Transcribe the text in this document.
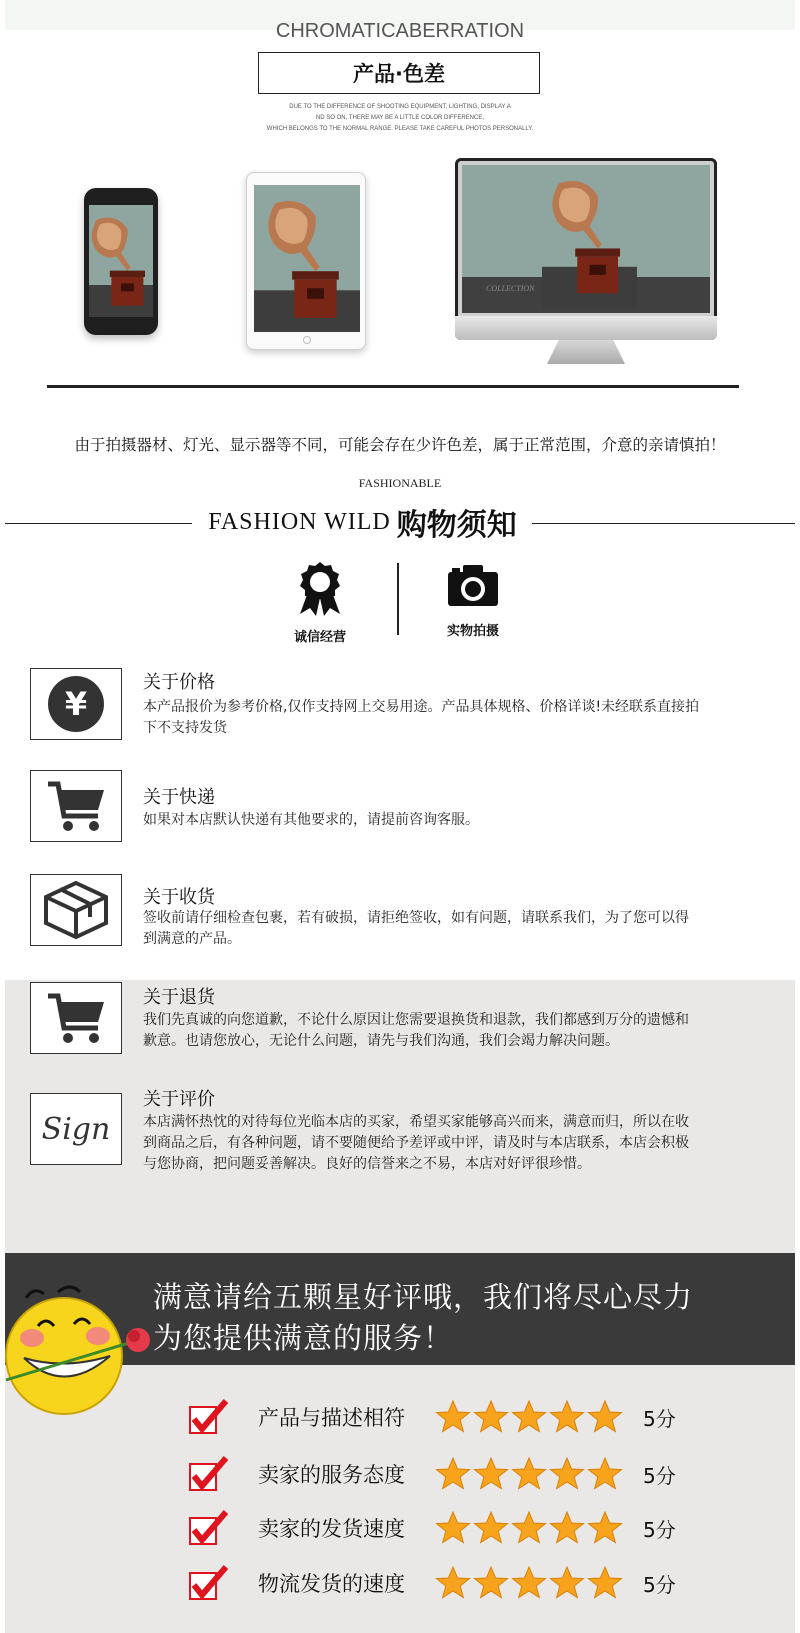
CHROMATICABERRATION
产品·色差
DUE TO THE DIFFERENCE OF SHOOTING EQUIPMENT, LIGHTING, DISPLAY A
ND SO ON, THERE MAY BE A LITTLE COLOR DIFFERENCE,
WHICH BELONGS TO THE NORMAL RANGE. PLEASE TAKE CAREFUL PHOTOS PERSONALLY.
COLLECTION
由于拍摄器材、灯光、显示器等不同，可能会存在少许色差，属于正常范围，介意的亲请慎拍！
FASHIONABLE
FASHION WILD 购物须知
诚信经营	实物拍摄
¥
关于价格
本产品报价为参考价格,仅作支持网上交易用途。产品具体规格、价格详谈!未经联系直接拍
下不支持发货
关于快递
如果对本店默认快递有其他要求的，请提前咨询客服。
关于收货
签收前请仔细检查包裹，若有破损，请拒绝签收，如有问题，请联系我们，为了您可以得
到满意的产品。
关于退货
我们先真诚的向您道歉，不论什么原因让您需要退换货和退款，我们都感到万分的遗憾和
歉意。也请您放心，无论什么问题，请先与我们沟通，我们会竭力解决问题。
Sign
关于评价
本店满怀热忱的对待每位光临本店的买家，希望买家能够高兴而来，满意而归，所以在收
到商品之后，有各种问题，请不要随便给予差评或中评，请及时与本店联系，本店会积极
与您协商，把问题妥善解决。良好的信誉来之不易，本店对好评很珍惜。
满意请给五颗星好评哦，我们将尽心尽力
为您提供满意的服务！
产品与描述相符	5分
卖家的服务态度	5分
卖家的发货速度	5分
物流发货的速度	5分
